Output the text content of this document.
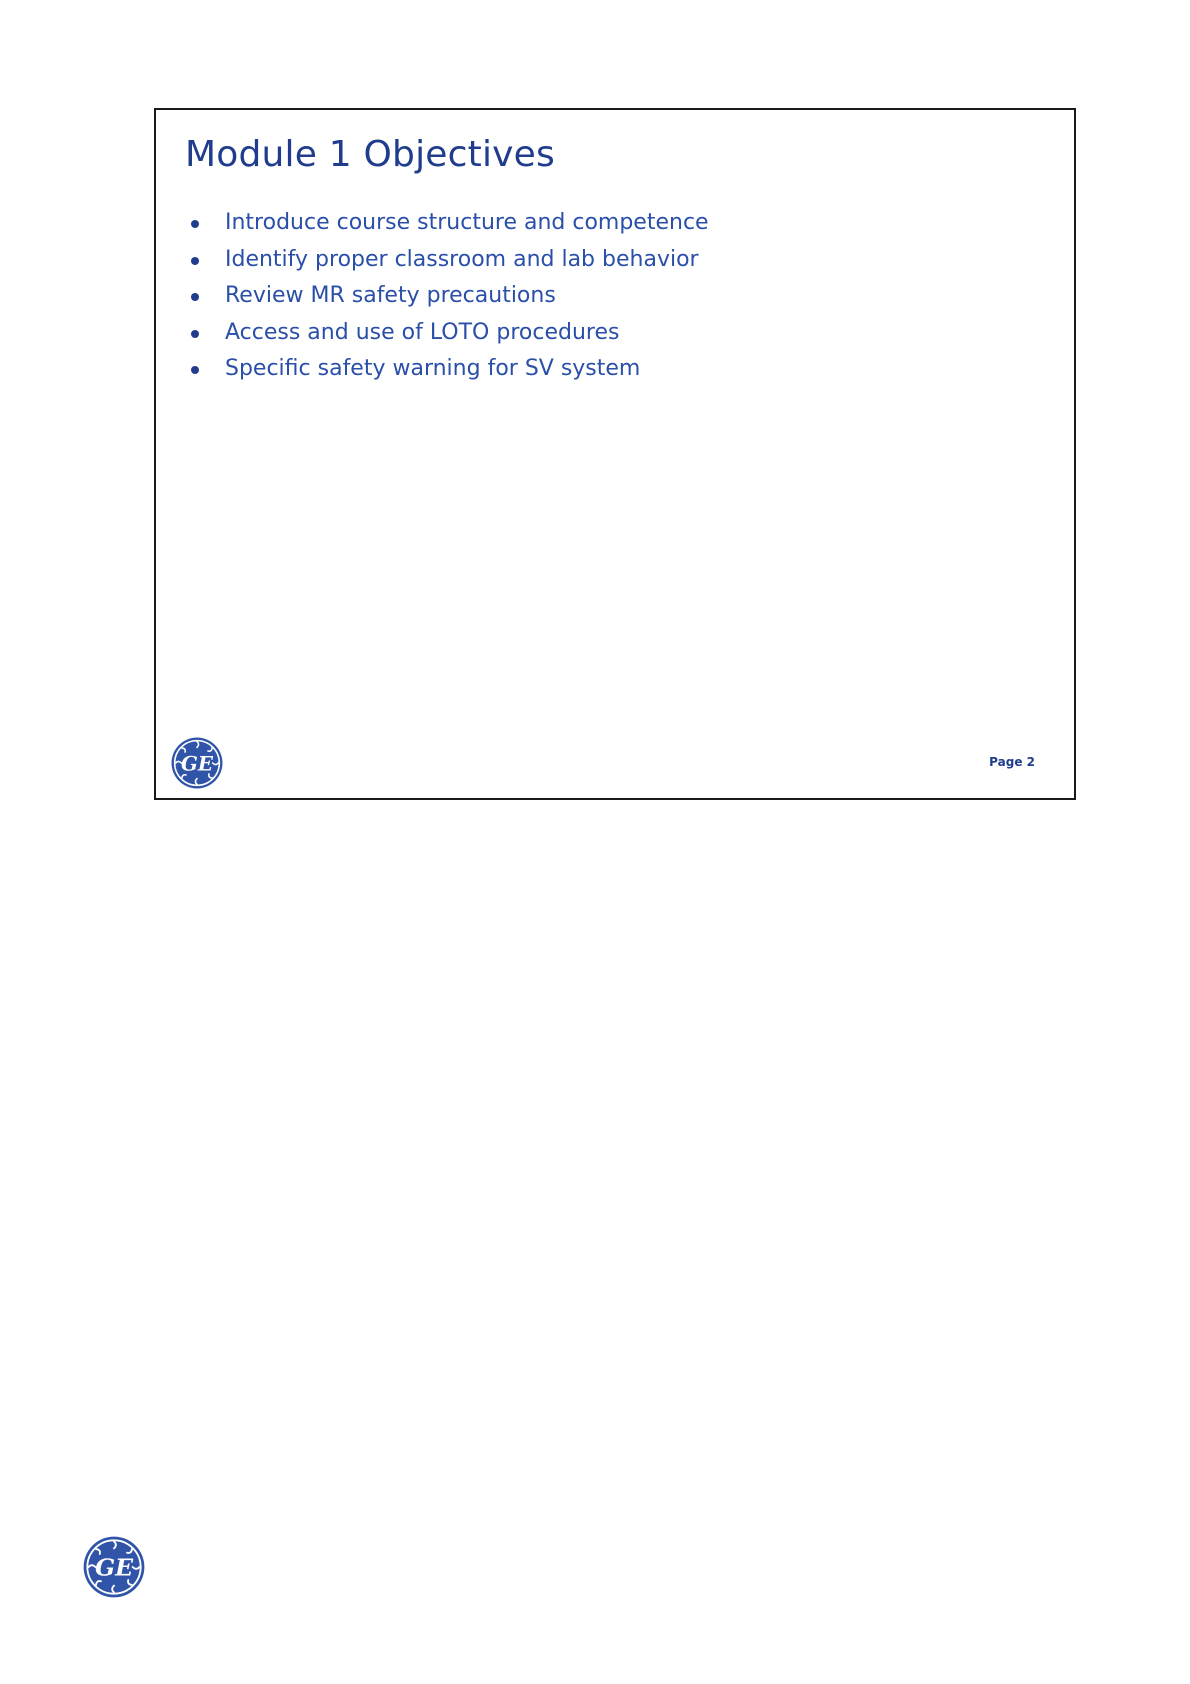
Module 1 Objectives
Introduce course structure and competence
Identify proper classroom and lab behavior
Review MR safety precautions
Access and use of LOTO procedures
Specific safety warning for SV system
GE	Page 2
GE
